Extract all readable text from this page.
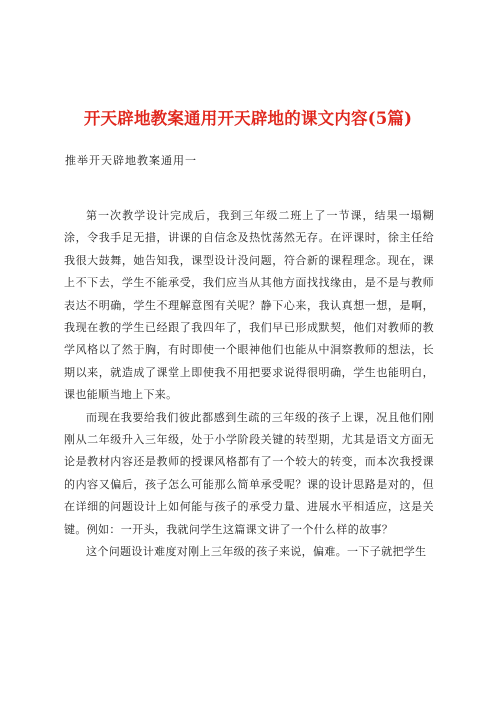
开天辟地教案通用开天辟地的课文内容(5篇)
推举开天辟地教案通用一

第一次教学设计完成后，我到三年级二班上了一节课，结果一塌糊涂，令我手足无措，讲课的自信念及热忱荡然无存。在评课时，徐主任给我很大鼓舞，她告知我，课型设计没问题，符合新的课程理念。现在，课上不下去，学生不能承受，我们应当从其他方面找找缘由，是不是与教师表达不明确，学生不理解意图有关呢？静下心来，我认真想一想，是啊，我现在教的学生已经跟了我四年了，我们早已形成默契，他们对教师的教学风格以了然于胸，有时即使一个眼神他们也能从中洞察教师的想法，长期以来，就造成了课堂上即使我不用把要求说得很明确，学生也能明白，课也能顺当地上下来。

而现在我要给我们彼此都感到生疏的三年级的孩子上课，况且他们刚刚从二年级升入三年级，处于小学阶段关键的转型期，尤其是语文方面无论是教材内容还是教师的授课风格都有了一个较大的转变，而本次我授课的内容又偏后，孩子怎么可能那么简单承受呢？课的设计思路是对的，但在详细的问题设计上如何能与孩子的承受力量、进展水平相适应，这是关键。例如：一开头，我就问学生这篇课文讲了一个什么样的故事？

这个问题设计难度对刚上三年级的孩子来说，偏难。一下子就把学生
